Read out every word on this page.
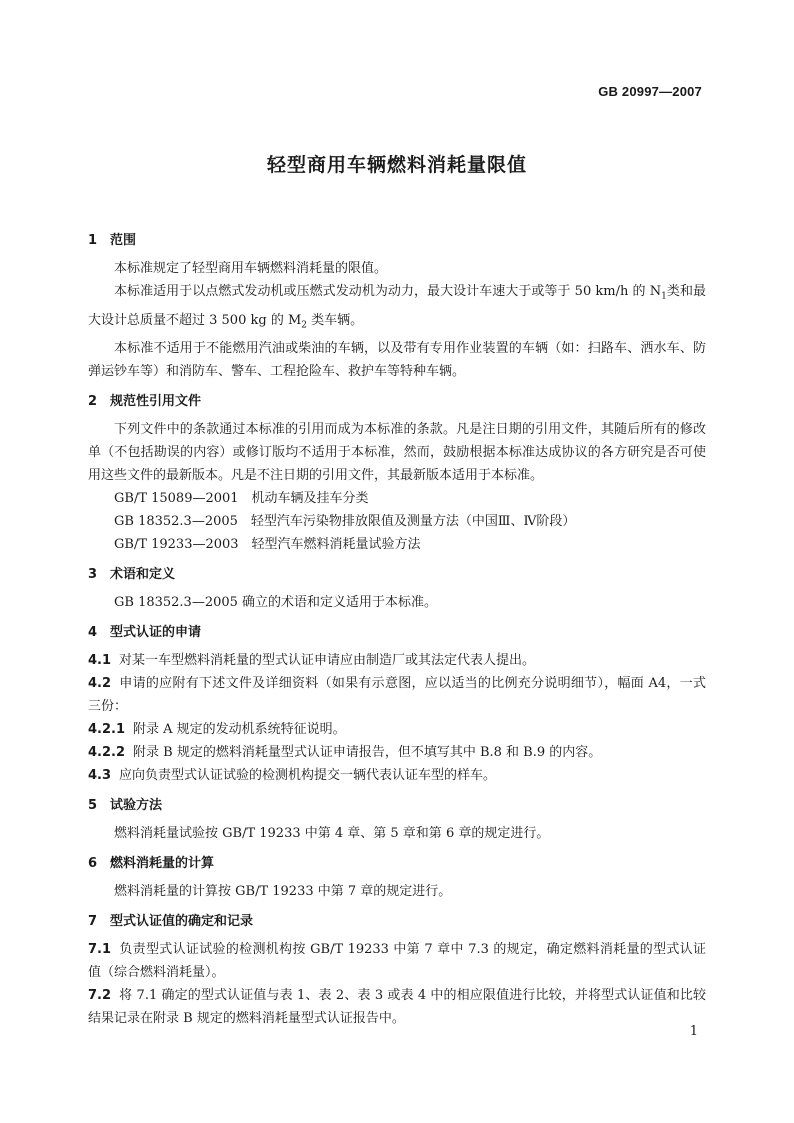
GB 20997—2007
轻型商用车辆燃料消耗量限值
1 范围

本标准规定了轻型商用车辆燃料消耗量的限值。

本标准适用于以点燃式发动机或压燃式发动机为动力，最大设计车速大于或等于 50 km/h 的 $N_1$类和最大设计总质量不超过 3 500 kg 的 $M_2$ 类车辆。

本标准不适用于不能燃用汽油或柴油的车辆，以及带有专用作业装置的车辆（如：扫路车、洒水车、防弹运钞车等）和消防车、警车、工程抢险车、救护车等特种车辆。

2 规范性引用文件

下列文件中的条款通过本标准的引用而成为本标准的条款。凡是注日期的引用文件，其随后所有的修改单（不包括勘误的内容）或修订版均不适用于本标准，然而，鼓励根据本标准达成协议的各方研究是否可使用这些文件的最新版本。凡是不注日期的引用文件，其最新版本适用于本标准。

GB/T 15089—2001　机动车辆及挂车分类

GB 18352.3—2005　轻型汽车污染物排放限值及测量方法（中国Ⅲ、Ⅳ阶段）

GB/T 19233—2003　轻型汽车燃料消耗量试验方法

3 术语和定义

GB 18352.3—2005 确立的术语和定义适用于本标准。

4 型式认证的申请

4.1 对某一车型燃料消耗量的型式认证申请应由制造厂或其法定代表人提出。

4.2 申请的应附有下述文件及详细资料（如果有示意图，应以适当的比例充分说明细节），幅面 A4，一式三份：

4.2.1 附录 A 规定的发动机系统特征说明。

4.2.2 附录 B 规定的燃料消耗量型式认证申请报告，但不填写其中 B.8 和 B.9 的内容。

4.3 应向负责型式认证试验的检测机构提交一辆代表认证车型的样车。

5 试验方法

燃料消耗量试验按 GB/T 19233 中第 4 章、第 5 章和第 6 章的规定进行。

6 燃料消耗量的计算

燃料消耗量的计算按 GB/T 19233 中第 7 章的规定进行。

7 型式认证值的确定和记录

7.1 负责型式认证试验的检测机构按 GB/T 19233 中第 7 章中 7.3 的规定，确定燃料消耗量的型式认证值（综合燃料消耗量）。

7.2 将 7.1 确定的型式认证值与表 1、表 2、表 3 或表 4 中的相应限值进行比较，并将型式认证值和比较结果记录在附录 B 规定的燃料消耗量型式认证报告中。

1
